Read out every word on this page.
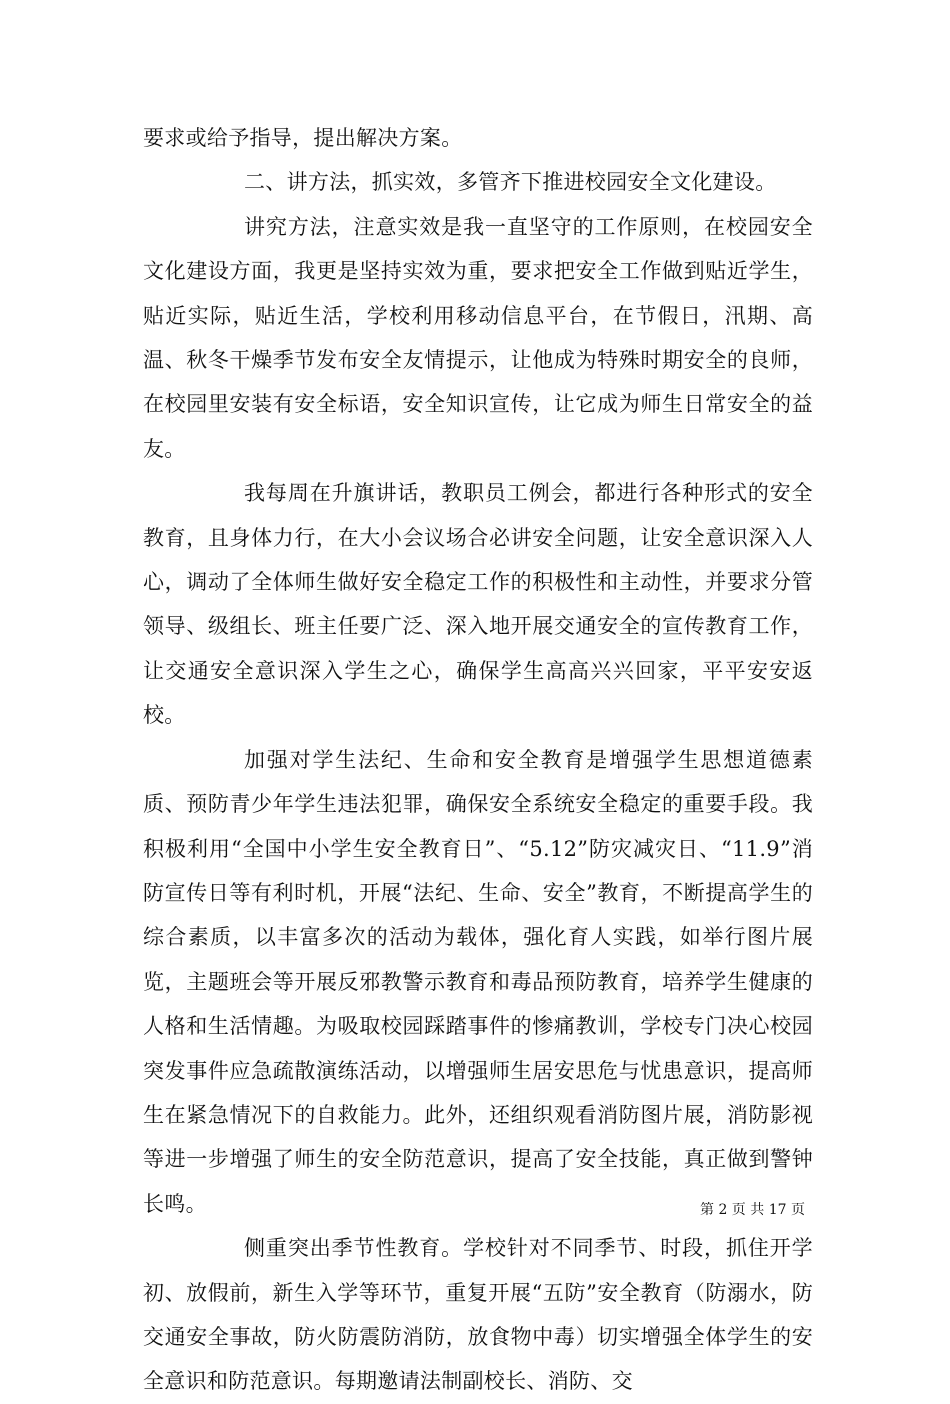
要求或给予指导，提出解决方案。

二、讲方法，抓实效，多管齐下推进校园安全文化建设。

讲究方法，注意实效是我一直坚守的工作原则，在校园安全文化建设方面，我更是坚持实效为重，要求把安全工作做到贴近学生，贴近实际，贴近生活，学校利用移动信息平台，在节假日，汛期、高温、秋冬干燥季节发布安全友情提示，让他成为特殊时期安全的良师，在校园里安装有安全标语，安全知识宣传，让它成为师生日常安全的益友。

我每周在升旗讲话，教职员工例会，都进行各种形式的安全教育，且身体力行，在大小会议场合必讲安全问题，让安全意识深入人心，调动了全体师生做好安全稳定工作的积极性和主动性，并要求分管领导、级组长、班主任要广泛、深入地开展交通安全的宣传教育工作，让交通安全意识深入学生之心，确保学生高高兴兴回家，平平安安返校。

加强对学生法纪、生命和安全教育是增强学生思想道德素质、预防青少年学生违法犯罪，确保安全系统安全稳定的重要手段。我积极利用“全国中小学生安全教育日”、“5.12”防灾减灾日、“11.9”消防宣传日等有利时机，开展“法纪、生命、安全”教育，不断提高学生的综合素质，以丰富多次的活动为载体，强化育人实践，如举行图片展览，主题班会等开展反邪教警示教育和毒品预防教育，培养学生健康的人格和生活情趣。为吸取校园踩踏事件的惨痛教训，学校专门决心校园突发事件应急疏散演练活动，以增强师生居安思危与忧患意识，提高师生在紧急情况下的自救能力。此外，还组织观看消防图片展，消防影视等进一步增强了师生的安全防范意识，提高了安全技能，真正做到警钟长鸣。

侧重突出季节性教育。学校针对不同季节、时段，抓住开学初、放假前，新生入学等环节，重复开展“五防”安全教育（防溺水，防交通安全事故，防火防震防消防，放食物中毒）切实增强全体学生的安全意识和防范意识。每期邀请法制副校长、消防、交

第 2 页 共 17 页
